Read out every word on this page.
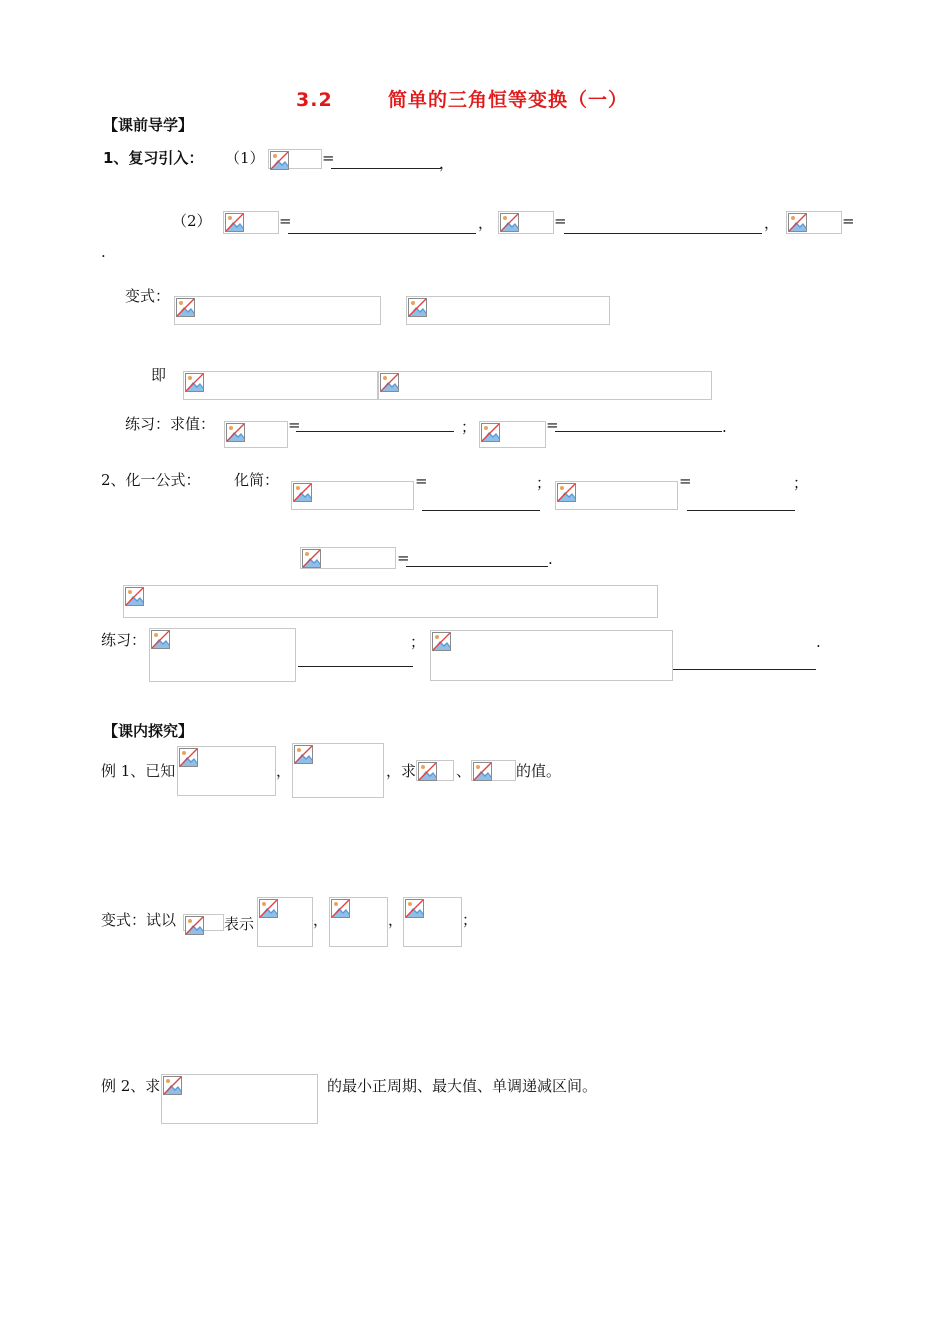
3.2	简单的三角恒等变换（一）
【课前导学】
1、复习引入： （1）	=	，
（2）	=	，	=	，	=
.
变式：
即
练习：求值：	=	；	=	.
2、化一公式： 化简：	=	；	=	；
=	.
练习：	；	.
【课内探究】
例 1、已知	，	，求	、	的值。
变式：试以	表示	，	，	；
例 2、求	的最小正周期、最大值、单调递减区间。
